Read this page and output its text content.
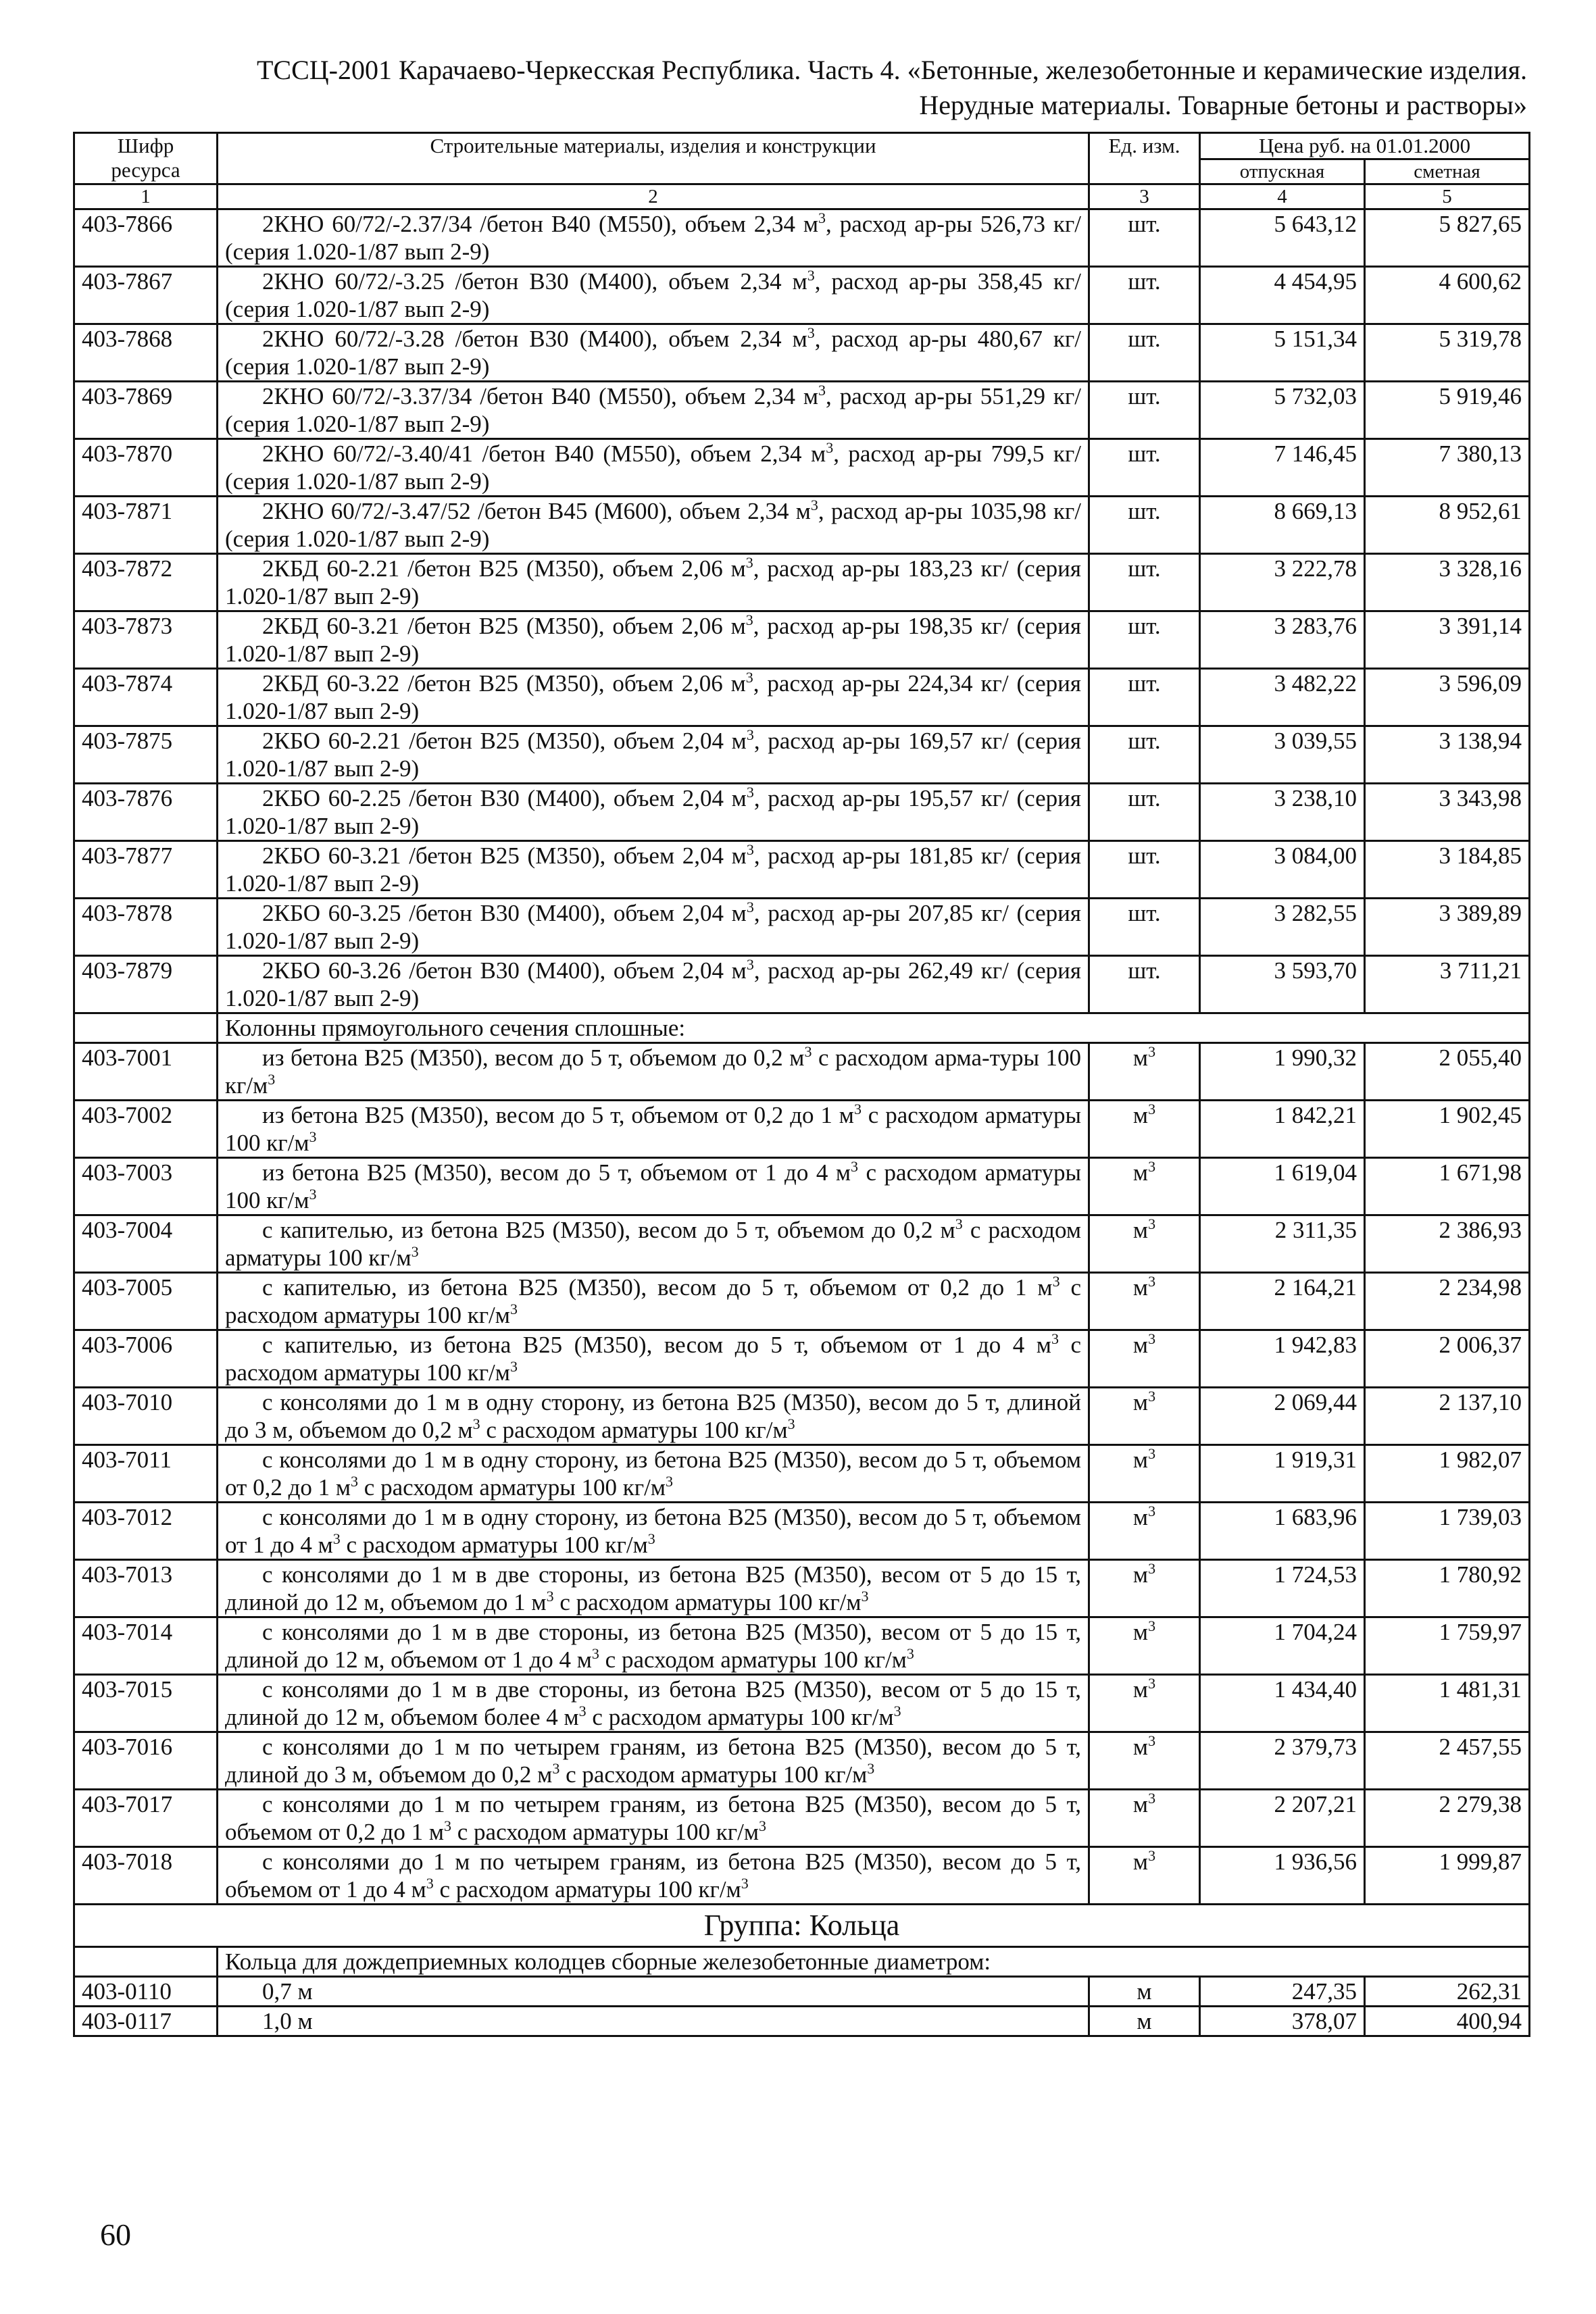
ТССЦ-2001 Карачаево-Черкесская Республика. Часть 4. «Бетонные, железобетонные и керамические изделия.
Нерудные материалы. Товарные бетоны и растворы»
Шифр ресурса	Строительные материалы, изделия и конструкции	Ед. изм.	Цена руб. на 01.01.2000	
			отпускная	сметная
1	2	3	4	5
403-7866	2КНО 60/72/-2.37/34 /бетон В40 (М550), объем 2,34 $м^3$, расход ар-ры 526,73 кг/ (серия 1.020-1/87 вып 2-9)	шт.	5 643,12	5 827,65
403-7867	2КНО 60/72/-3.25 /бетон В30 (М400), объем 2,34 $м^3$, расход ар-ры 358,45 кг/ (серия 1.020-1/87 вып 2-9)	шт.	4 454,95	4 600,62
403-7868	2КНО 60/72/-3.28 /бетон В30 (М400), объем 2,34 $м^3$, расход ар-ры 480,67 кг/ (серия 1.020-1/87 вып 2-9)	шт.	5 151,34	5 319,78
403-7869	2КНО 60/72/-3.37/34 /бетон В40 (М550), объем 2,34 $м^3$, расход ар-ры 551,29 кг/ (серия 1.020-1/87 вып 2-9)	шт.	5 732,03	5 919,46
403-7870	2КНО 60/72/-3.40/41 /бетон В40 (М550), объем 2,34 $м^3$, расход ар-ры 799,5 кг/ (серия 1.020-1/87 вып 2-9)	шт.	7 146,45	7 380,13
403-7871	2КНО 60/72/-3.47/52 /бетон В45 (М600), объем 2,34 $м^3$, расход ар-ры 1035,98 кг/ (серия 1.020-1/87 вып 2-9)	шт.	8 669,13	8 952,61
403-7872	2КБД 60-2.21 /бетон В25 (М350), объем 2,06 $м^3$, расход ар-ры 183,23 кг/ (серия 1.020-1/87 вып 2-9)	шт.	3 222,78	3 328,16
403-7873	2КБД 60-3.21 /бетон В25 (М350), объем 2,06 $м^3$, расход ар-ры 198,35 кг/ (серия 1.020-1/87 вып 2-9)	шт.	3 283,76	3 391,14
403-7874	2КБД 60-3.22 /бетон В25 (М350), объем 2,06 $м^3$, расход ар-ры 224,34 кг/ (серия 1.020-1/87 вып 2-9)	шт.	3 482,22	3 596,09
403-7875	2КБО 60-2.21 /бетон В25 (М350), объем 2,04 $м^3$, расход ар-ры 169,57 кг/ (серия 1.020-1/87 вып 2-9)	шт.	3 039,55	3 138,94
403-7876	2КБО 60-2.25 /бетон В30 (М400), объем 2,04 $м^3$, расход ар-ры 195,57 кг/ (серия 1.020-1/87 вып 2-9)	шт.	3 238,10	3 343,98
403-7877	2КБО 60-3.21 /бетон В25 (М350), объем 2,04 $м^3$, расход ар-ры 181,85 кг/ (серия 1.020-1/87 вып 2-9)	шт.	3 084,00	3 184,85
403-7878	2КБО 60-3.25 /бетон В30 (М400), объем 2,04 $м^3$, расход ар-ры 207,85 кг/ (серия 1.020-1/87 вып 2-9)	шт.	3 282,55	3 389,89
403-7879	2КБО 60-3.26 /бетон В30 (М400), объем 2,04 $м^3$, расход ар-ры 262,49 кг/ (серия 1.020-1/87 вып 2-9)	шт.	3 593,70	3 711,21
	Колонны прямоугольного сечения сплошные:			
403-7001	из бетона В25 (М350), весом до 5 т, объемом до 0,2 $м^3$ с расходом арма-туры 100 $кг/м^3$	$м^3$	1 990,32	2 055,40
403-7002	из бетона В25 (М350), весом до 5 т, объемом от 0,2 до 1 $м^3$ с расходом арматуры 100 $кг/м^3$	$м^3$	1 842,21	1 902,45
403-7003	из бетона В25 (М350), весом до 5 т, объемом от 1 до 4 $м^3$ с расходом арматуры 100 $кг/м^3$	$м^3$	1 619,04	1 671,98
403-7004	с капителью, из бетона В25 (М350), весом до 5 т, объемом до 0,2 $м^3$ с расходом арматуры 100 $кг/м^3$	$м^3$	2 311,35	2 386,93
403-7005	с капителью, из бетона В25 (М350), весом до 5 т, объемом от 0,2 до 1 $м^3$ с расходом арматуры 100 $кг/м^3$	$м^3$	2 164,21	2 234,98
403-7006	с капителью, из бетона В25 (М350), весом до 5 т, объемом от 1 до 4 $м^3$ с расходом арматуры 100 $кг/м^3$	$м^3$	1 942,83	2 006,37
403-7010	с консолями до 1 м в одну сторону, из бетона В25 (М350), весом до 5 т, длиной до 3 м, объемом до 0,2 $м^3$ с расходом арматуры 100 $кг/м^3$	$м^3$	2 069,44	2 137,10
403-7011	с консолями до 1 м в одну сторону, из бетона В25 (М350), весом до 5 т, объемом от 0,2 до 1 $м^3$ с расходом арматуры 100 $кг/м^3$	$м^3$	1 919,31	1 982,07
403-7012	с консолями до 1 м в одну сторону, из бетона В25 (М350), весом до 5 т, объемом от 1 до 4 $м^3$ с расходом арматуры 100 $кг/м^3$	$м^3$	1 683,96	1 739,03
403-7013	с консолями до 1 м в две стороны, из бетона В25 (М350), весом от 5 до 15 т, длиной до 12 м, объемом до 1 $м^3$ с расходом арматуры 100 $кг/м^3$	$м^3$	1 724,53	1 780,92
403-7014	с консолями до 1 м в две стороны, из бетона В25 (М350), весом от 5 до 15 т, длиной до 12 м, объемом от 1 до 4 $м^3$ с расходом арматуры 100 $кг/м^3$	$м^3$	1 704,24	1 759,97
403-7015	с консолями до 1 м в две стороны, из бетона В25 (М350), весом от 5 до 15 т, длиной до 12 м, объемом более 4 $м^3$ с расходом арматуры 100 $кг/м^3$	$м^3$	1 434,40	1 481,31
403-7016	с консолями до 1 м по четырем граням, из бетона В25 (М350), весом до 5 т, длиной до 3 м, объемом до 0,2 $м^3$ с расходом арматуры 100 $кг/м^3$	$м^3$	2 379,73	2 457,55
403-7017	с консолями до 1 м по четырем граням, из бетона В25 (М350), весом до 5 т, объемом от 0,2 до 1 $м^3$ с расходом арматуры 100 $кг/м^3$	$м^3$	2 207,21	2 279,38
403-7018	с консолями до 1 м по четырем граням, из бетона В25 (М350), весом до 5 т, объемом от 1 до 4 $м^3$ с расходом арматуры 100 $кг/м^3$	$м^3$	1 936,56	1 999,87
Группа: Кольца				
	Кольца для дождеприемных колодцев сборные железобетонные диаметром:			
403-0110	0,7 м	м	247,35	262,31
403-0117	1,0 м	м	378,07	400,94
60
